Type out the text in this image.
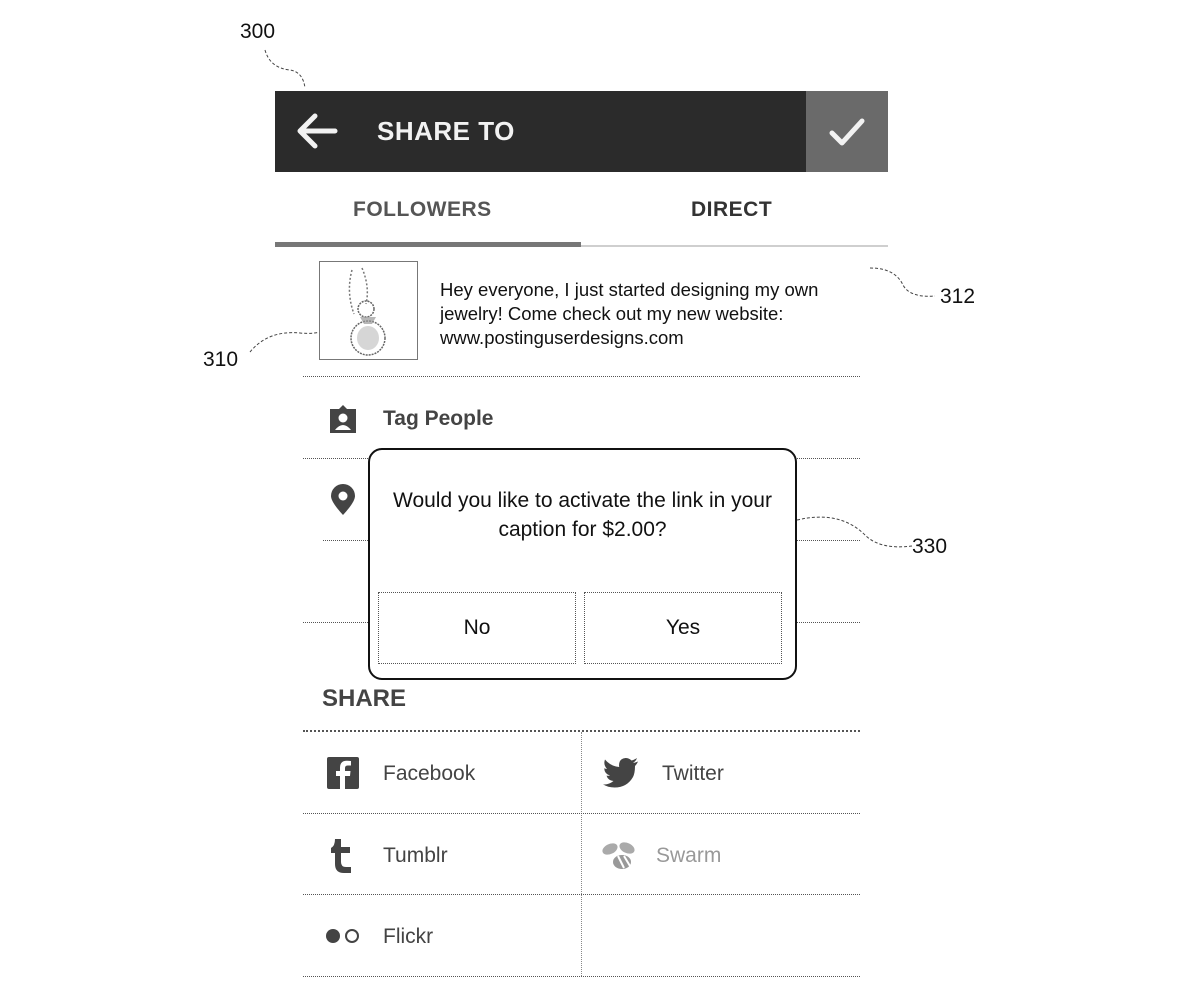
300
312
310
330
SHARE TO
FOLLOWERS	DIRECT
Hey everyone, I just started designing my own jewelry! Come check out my new website: www.postinguserdesigns.com
Tag People
SHARE
Facebook	Twitter
Tumblr	Swarm
Flickr
Would you like to activate the link in your caption for $2.00?
No	Yes
